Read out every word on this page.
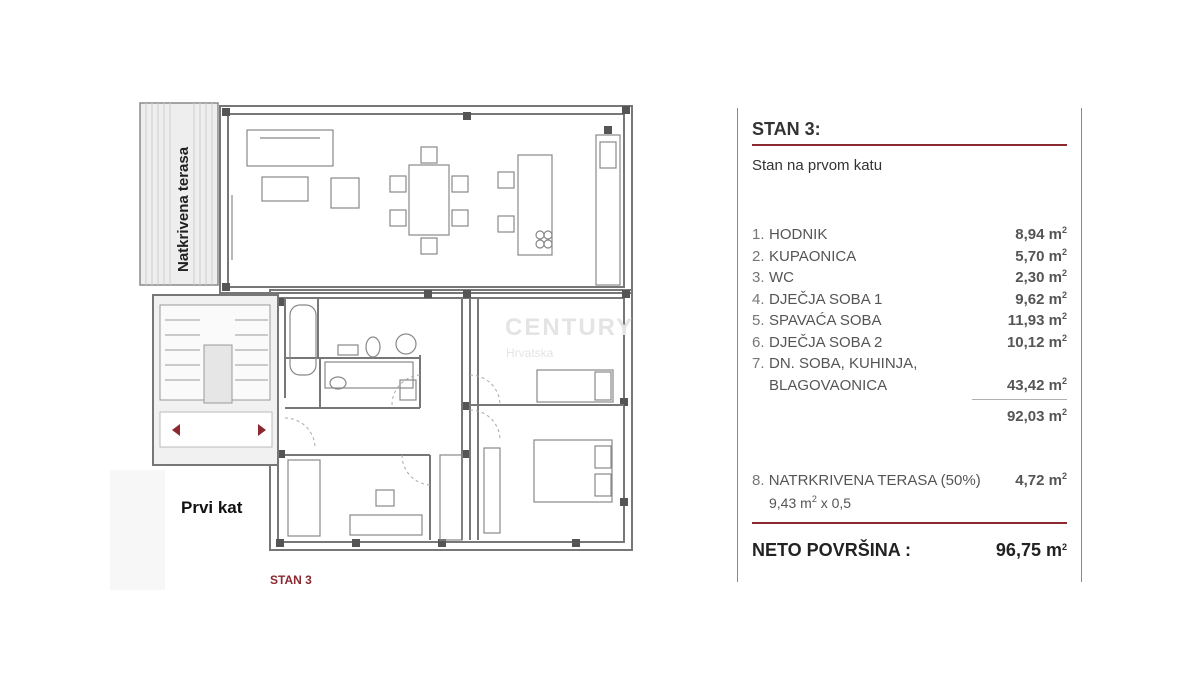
Natkrivena terasa
Prvi kat
CENTURY
Hrvatska
STAN 3
STAN 3:
Stan na prvom katu
1. HODNIK	8,94 $m^2$
2. KUPAONICA	5,70 $m^2$
3. WC	2,30 $m^2$
4. DJEČJA SOBA 1	9,62 $m^2$
5. SPAVAĆA SOBA	11,93 $m^2$
6. DJEČJA SOBA 2	10,12 $m^2$
7. DN. SOBA, KUHINJA,
BLAGOVAONICA	43,42 $m^2$
92,03 $m^2$
8. NATRKRIVENA TERASA (50%) 4,72 $m^2$
9,43 $m^2$ x 0,5
NETO POVRŠINA :	96,75 $m^2$
